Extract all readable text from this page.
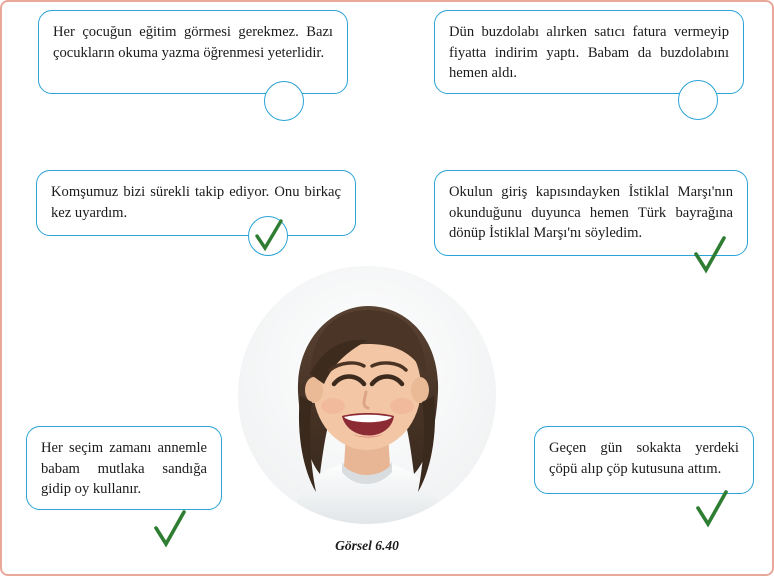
Her çocuğun eğitim görmesi gerekmez. Bazı çocukların okuma yazma öğrenmesi yeterlidir.
Dün buzdolabı alırken satıcı fatura vermeyip fiyatta indirim yaptı. Babam da buzdolabını hemen aldı.
Komşumuz bizi sürekli takip ediyor. Onu birkaç kez uyardım.
Okulun giriş kapısındayken İstiklal Marşı'nın okunduğunu duyunca hemen Türk bayrağına dönüp İstiklal Marşı'nı söyledim.
Görsel 6.40
Her seçim zamanı annemle babam mutlaka sandığa gidip oy kullanır.
Geçen gün sokakta yerdeki çöpü alıp çöp kutusuna attım.
